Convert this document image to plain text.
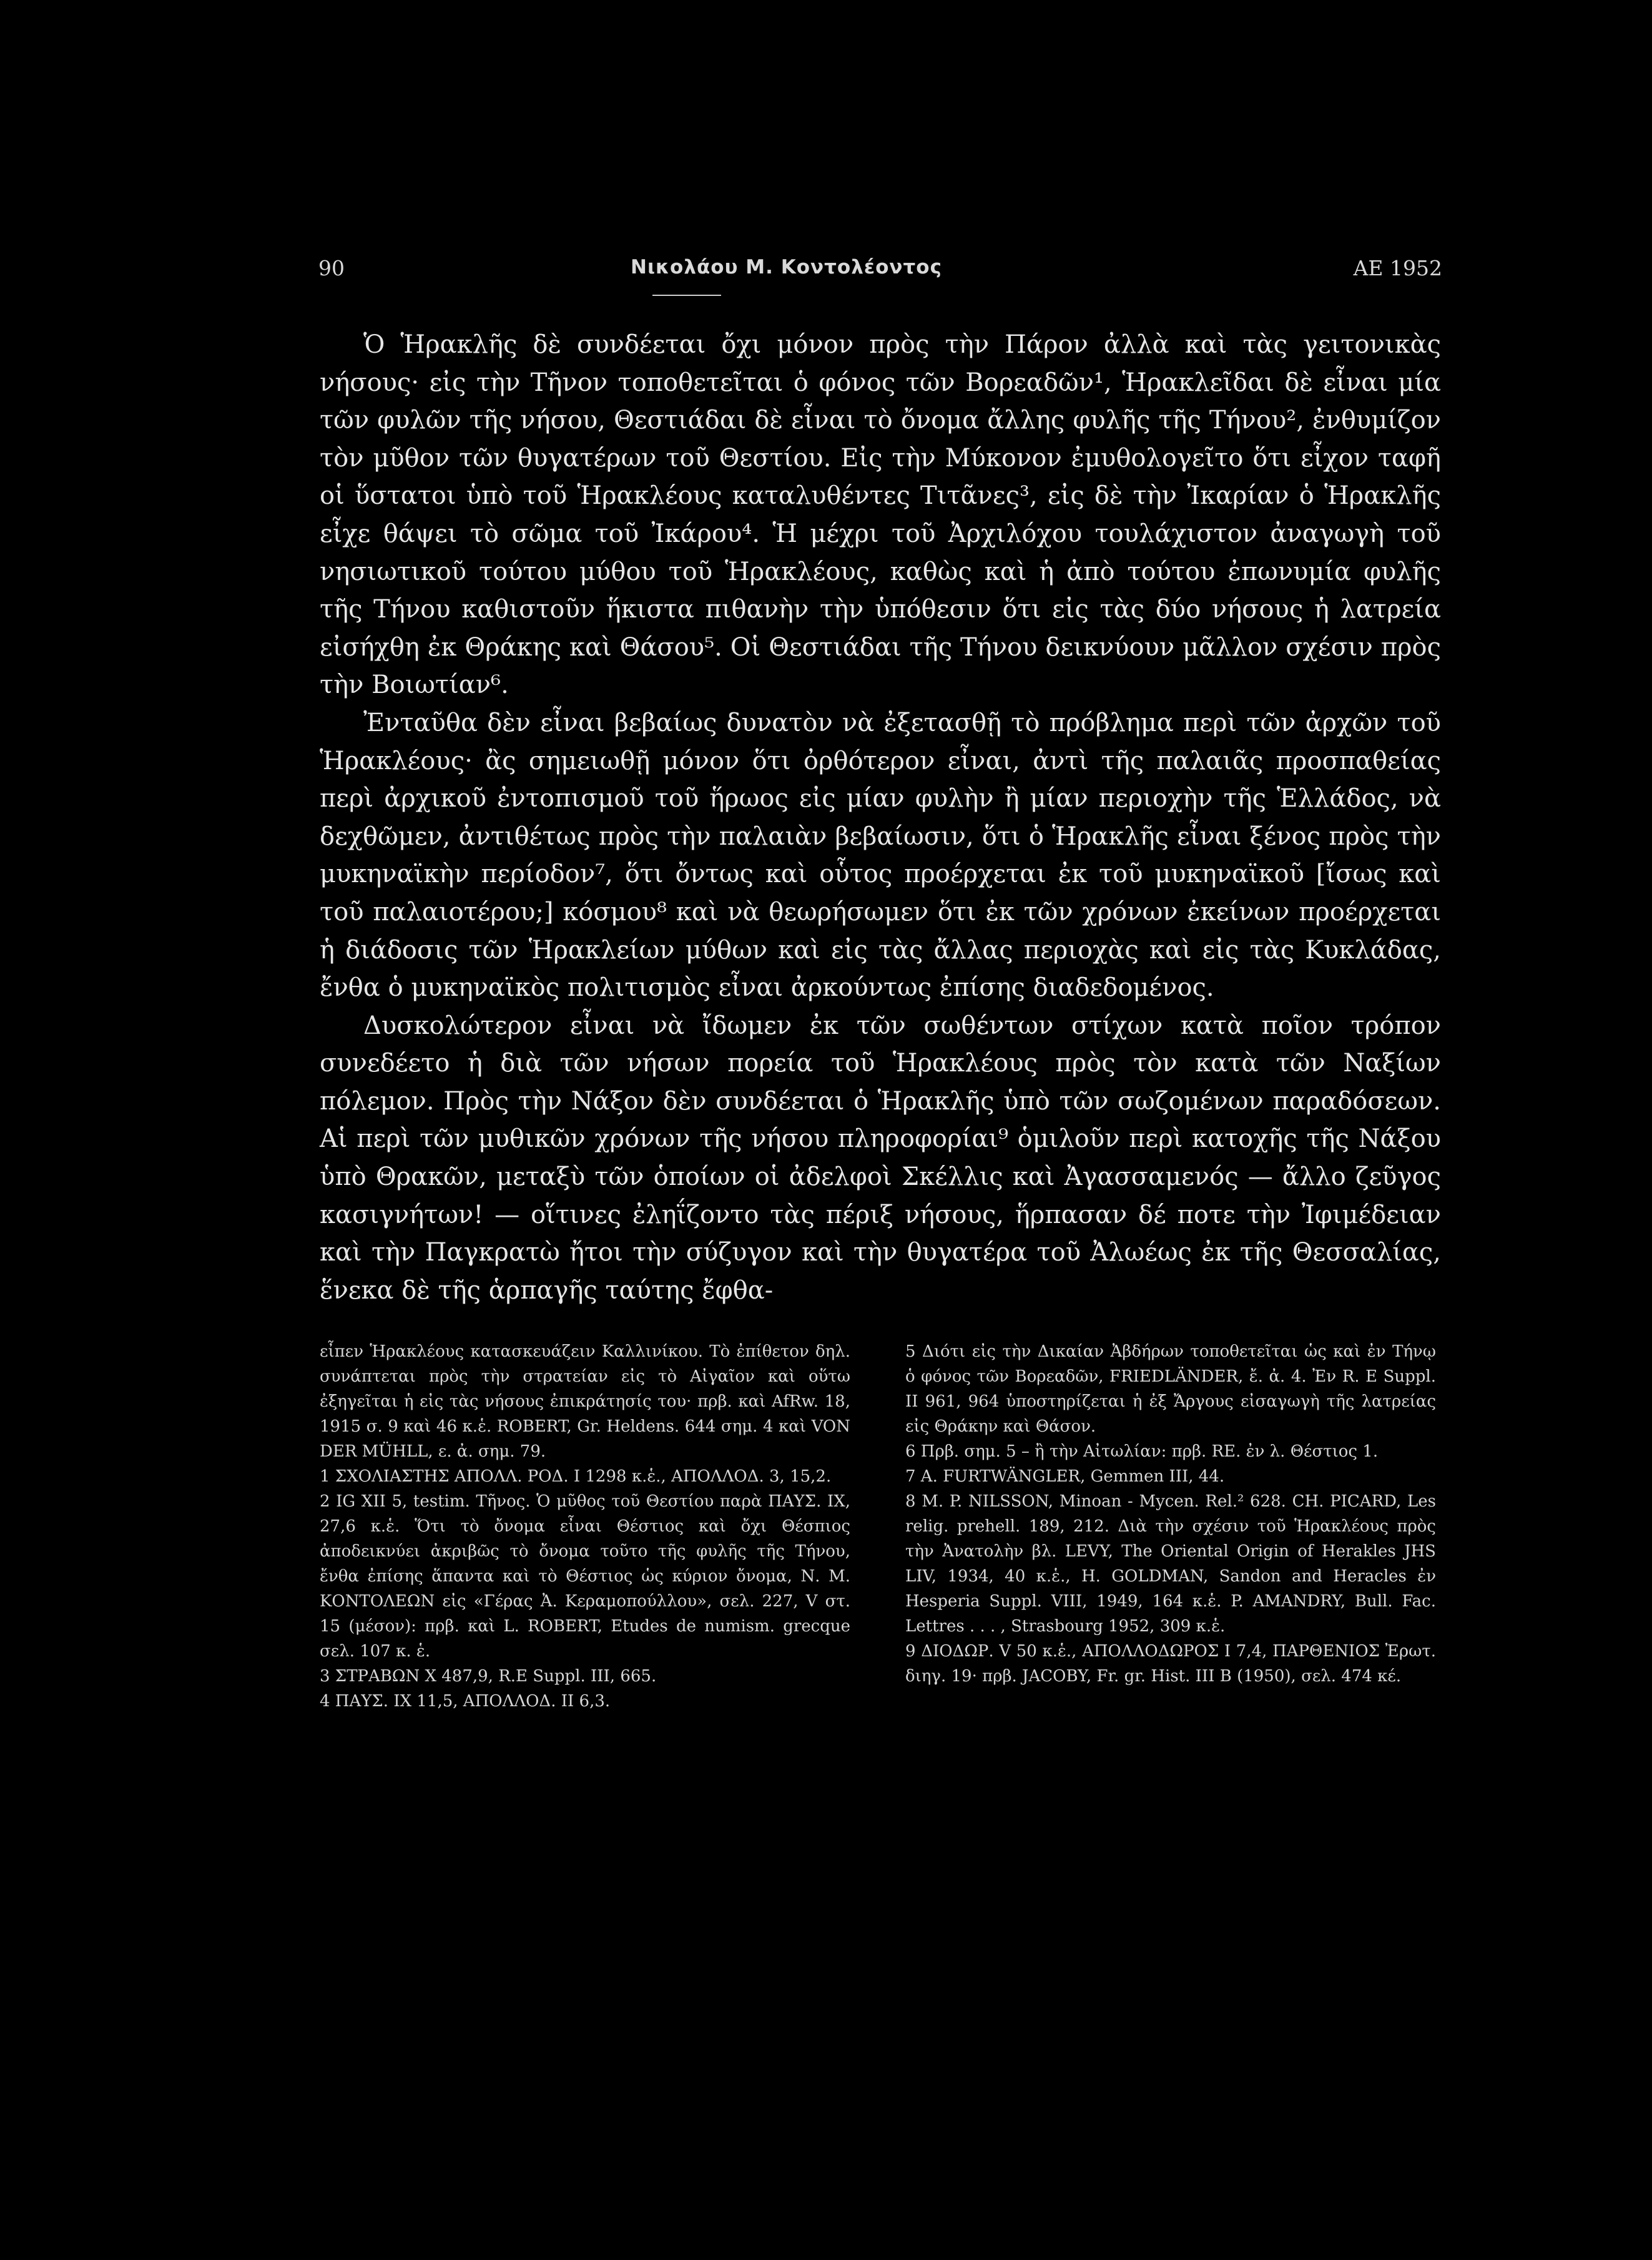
90	Νικολάου Μ. Κοντολέοντος	ΑΕ 1952

Ὁ Ἡρακλῆς δὲ συνδέεται ὄχι μόνον πρὸς τὴν Πάρον ἀλλὰ καὶ τὰς γειτονικὰς νήσους· εἰς τὴν Τῆνον τοποθετεῖται ὁ φόνος τῶν Βορεαδῶν¹, Ἡρακλεῖδαι δὲ εἶναι μία τῶν φυλῶν τῆς νήσου, Θεστιάδαι δὲ εἶναι τὸ ὄνομα ἄλλης φυλῆς τῆς Τήνου², ἐνθυμίζον τὸν μῦθον τῶν θυγατέρων τοῦ Θεστίου. Εἰς τὴν Μύκονον ἐμυθολογεῖτο ὅτι εἶχον ταφῆ οἱ ὕστατοι ὑπὸ τοῦ Ἡρακλέους καταλυθέντες Τιτᾶνες³, εἰς δὲ τὴν Ἰκαρίαν ὁ Ἡρακλῆς εἶχε θάψει τὸ σῶμα τοῦ Ἰκάρου⁴. Ἡ μέχρι τοῦ Ἀρχιλόχου τουλάχιστον ἀναγωγὴ τοῦ νησιωτικοῦ τούτου μύθου τοῦ Ἡρακλέους, καθὼς καὶ ἡ ἀπὸ τούτου ἐπωνυμία φυλῆς τῆς Τήνου καθιστοῦν ἥκιστα πιθανὴν τὴν ὑπόθεσιν ὅτι εἰς τὰς δύο νήσους ἡ λατρεία εἰσήχθη ἐκ Θράκης καὶ Θάσου⁵. Οἱ Θεστιάδαι τῆς Τήνου δεικνύουν μᾶλλον σχέσιν πρὸς τὴν Βοιωτίαν⁶.

Ἐνταῦθα δὲν εἶναι βεβαίως δυνατὸν νὰ ἐξετασθῇ τὸ πρόβλημα περὶ τῶν ἀρχῶν τοῦ Ἡρακλέους· ἂς σημειωθῇ μόνον ὅτι ὀρθότερον εἶναι, ἀντὶ τῆς παλαιᾶς προσπαθείας περὶ ἀρχικοῦ ἐντοπισμοῦ τοῦ ἥρωος εἰς μίαν φυλὴν ἢ μίαν περιοχὴν τῆς Ἑλλάδος, νὰ δεχθῶμεν, ἀντιθέτως πρὸς τὴν παλαιὰν βεβαίωσιν, ὅτι ὁ Ἡρακλῆς εἶναι ξένος πρὸς τὴν μυκηναϊκὴν περίοδον⁷, ὅτι ὄντως καὶ οὗτος προέρχεται ἐκ τοῦ μυκηναϊκοῦ [ἴσως καὶ τοῦ παλαιοτέρου;] κόσμου⁸ καὶ νὰ θεωρήσωμεν ὅτι ἐκ τῶν χρόνων ἐκείνων προέρχεται ἡ διάδοσις τῶν Ἡρακλείων μύθων καὶ εἰς τὰς ἄλλας περιοχὰς καὶ εἰς τὰς Κυκλάδας, ἔνθα ὁ μυκηναϊκὸς πολιτισμὸς εἶναι ἀρκούντως ἐπίσης διαδεδομένος.

Δυσκολώτερον εἶναι νὰ ἴδωμεν ἐκ τῶν σωθέντων στίχων κατὰ ποῖον τρόπον συνεδέετο ἡ διὰ τῶν νήσων πορεία τοῦ Ἡρακλέους πρὸς τὸν κατὰ τῶν Ναξίων πόλεμον. Πρὸς τὴν Νάξον δὲν συνδέεται ὁ Ἡρακλῆς ὑπὸ τῶν σωζομένων παραδόσεων. Αἱ περὶ τῶν μυθικῶν χρόνων τῆς νήσου πληροφορίαι⁹ ὁμιλοῦν περὶ κατοχῆς τῆς Νάξου ὑπὸ Θρακῶν, μεταξὺ τῶν ὁποίων οἱ ἀδελφοὶ Σκέλλις καὶ Ἀγασσαμενός — ἄλλο ζεῦγος κασιγνήτων! — οἵτινες ἐληΐζοντο τὰς πέριξ νήσους, ἥρπασαν δέ ποτε τὴν Ἰφιμέδειαν καὶ τὴν Παγκρατὼ ἤτοι τὴν σύζυγον καὶ τὴν θυγατέρα τοῦ Ἀλωέως ἐκ τῆς Θεσσαλίας, ἕνεκα δὲ τῆς ἁρπαγῆς ταύτης ἔφθα-

εἶπεν Ἡρακλέους κατασκευάζειν Καλλινίκου. Τὸ ἐπίθετον δηλ. συνάπτεται πρὸς τὴν στρατείαν εἰς τὸ Αἰγαῖον καὶ οὕτω ἐξηγεῖται ἡ εἰς τὰς νήσους ἐπικράτησίς του· πρβ. καὶ AfRw. 18, 1915 σ. 9 καὶ 46 κ.ἑ. ROBERT, Gr. Heldens. 644 σημ. 4 καὶ VON DER MÜHLL, ε. ἀ. σημ. 79.

1 ΣΧΟΛΙΑΣΤΗΣ ΑΠΟΛΛ. ΡΟΔ. Ι 1298 κ.ἑ., ΑΠΟΛΛΟΔ. 3, 15,2.

2 IG XII 5, testim. Τῆνος. Ὁ μῦθος τοῦ Θεστίου παρὰ ΠΑΥΣ. ΙΧ, 27,6 κ.ἑ. Ὅτι τὸ ὄνομα εἶναι Θέστιος καὶ ὄχι Θέσπιος ἀποδεικνύει ἀκριβῶς τὸ ὄνομα τοῦτο τῆς φυλῆς τῆς Τήνου, ἔνθα ἐπίσης ἅπαντα καὶ τὸ Θέστιος ὡς κύριον ὄνομα, Ν. Μ. ΚΟΝΤΟΛΕΩΝ εἰς «Γέρας Ἀ. Κεραμοπούλλου», σελ. 227, V στ. 15 (μέσον): πρβ. καὶ L. ROBERT, Etudes de numism. grecque σελ. 107 κ. ἑ.

3 ΣΤΡΑΒΩΝ Χ 487,9, R.E Suppl. III, 665.

4 ΠΑΥΣ. ΙΧ 11,5, ΑΠΟΛΛΟΔ. ΙΙ 6,3.

5 Διότι εἰς τὴν Δικαίαν Ἀβδήρων τοποθετεῖται ὡς καὶ ἐν Τήνῳ ὁ φόνος τῶν Βορεαδῶν, FRIEDLÄNDER, ἔ. ἀ. 4. Ἐν R. E Suppl. II 961, 964 ὑποστηρίζεται ἡ ἐξ Ἄργους εἰσαγωγὴ τῆς λατρείας εἰς Θράκην καὶ Θάσον.

6 Πρβ. σημ. 5 – ἢ τὴν Αἰτωλίαν: πρβ. RE. ἐν λ. Θέστιος 1.

7 A. FURTWÄNGLER, Gemmen III, 44.

8 M. P. NILSSON, Minoan - Mycen. Rel.² 628. CH. PICARD, Les relig. prehell. 189, 212. Διὰ τὴν σχέσιν τοῦ Ἡρακλέους πρὸς τὴν Ἀνατολὴν βλ. LEVY, The Oriental Origin of Herakles JHS LIV, 1934, 40 κ.ἑ., H. GOLDMAN, Sandon and Heracles ἐν Hesperia Suppl. VIII, 1949, 164 κ.ἑ. P. AMANDRY, Bull. Fac. Lettres . . . , Strasbourg 1952, 309 κ.ἑ.

9 ΔΙΟΔΩΡ. V 50 κ.ἑ., ΑΠΟΛΛΟΔΩΡΟΣ Ι 7,4, ΠΑΡΘΕΝΙΟΣ Ἐρωτ. διηγ. 19· πρβ. JACOBY, Fr. gr. Hist. III B (1950), σελ. 474 κέ.
